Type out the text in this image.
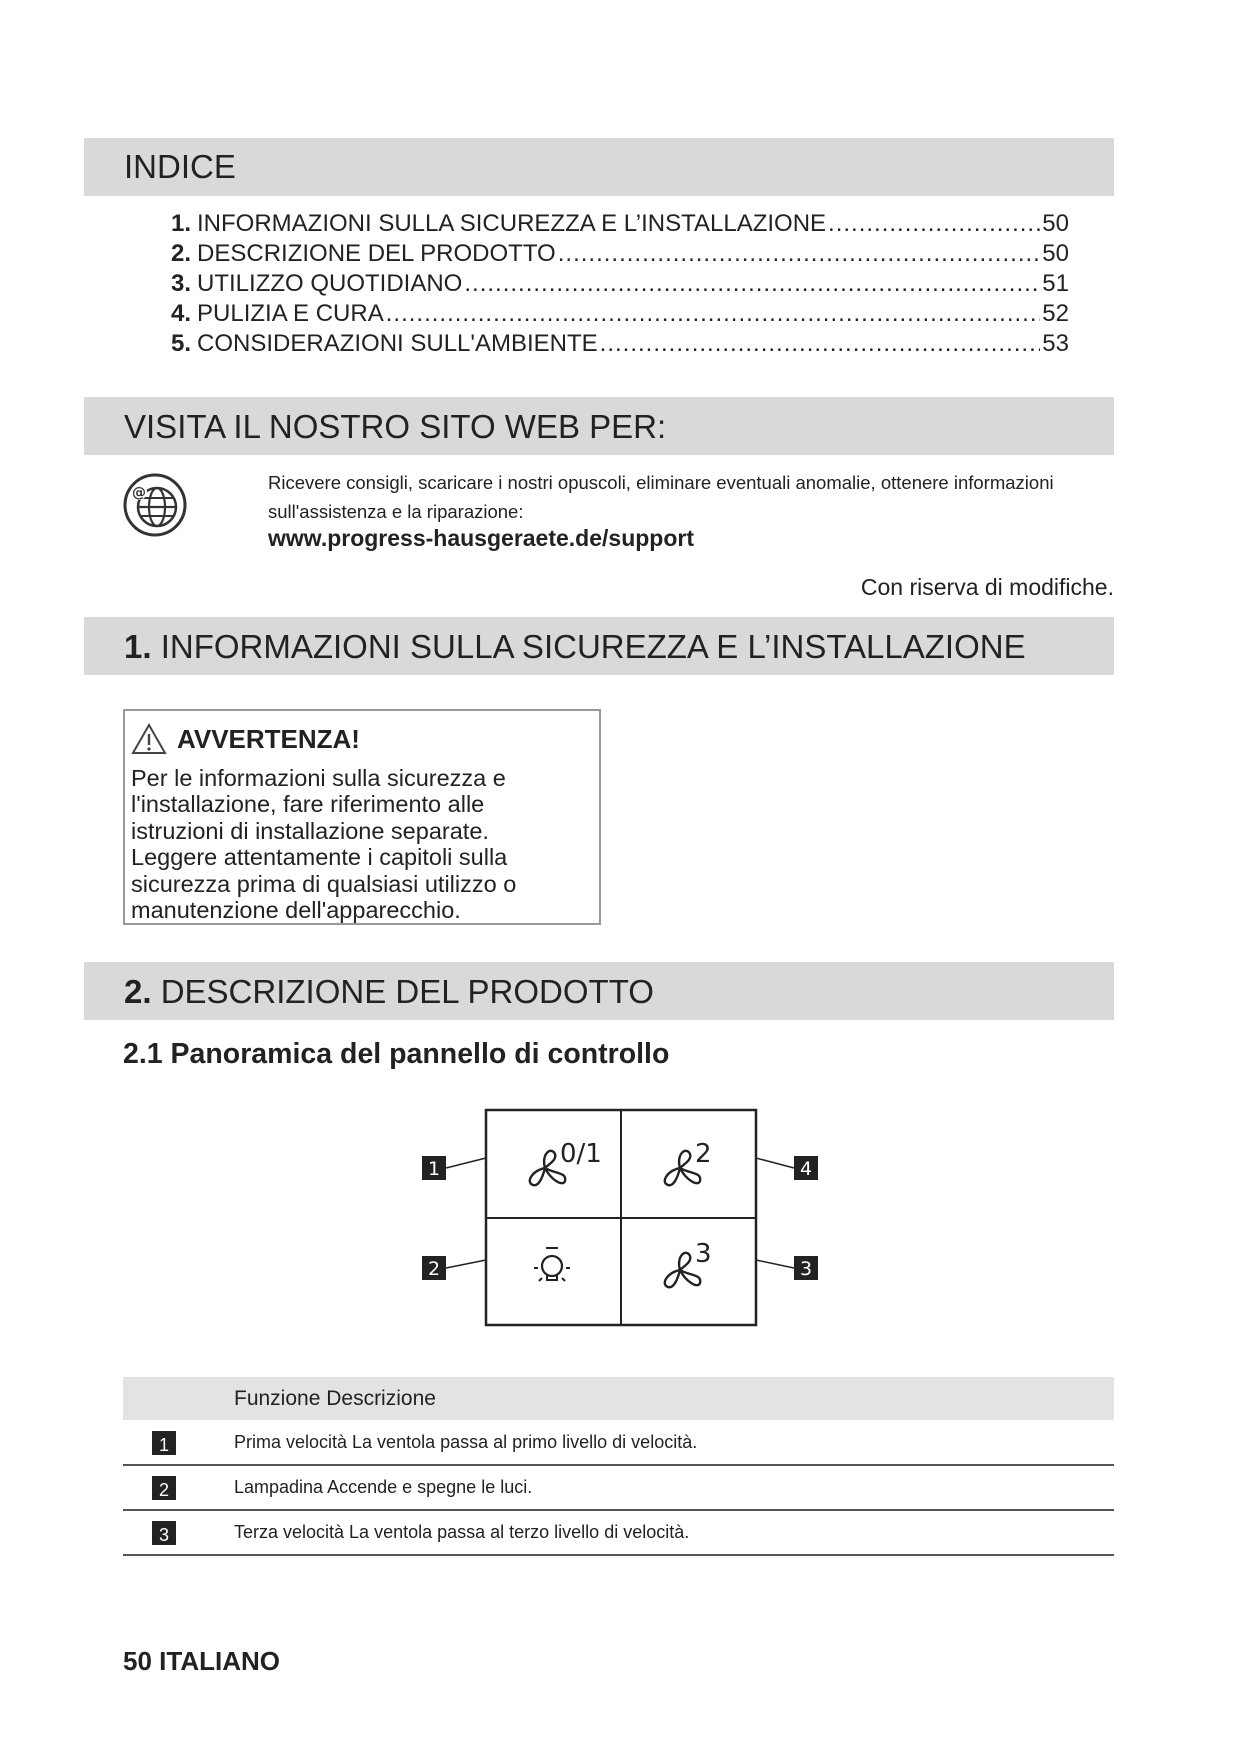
INDICE
1. INFORMAZIONI SULLA SICUREZZA E L’INSTALLAZIONE .....	50
2. DESCRIZIONE DEL PRODOTTO .....	50
3. UTILIZZO QUOTIDIANO .....	51
4. PULIZIA E CURA .....	52
5. CONSIDERAZIONI SULL'AMBIENTE .....	53
VISITA IL NOSTRO SITO WEB PER:
@	Ricevere consigli, scaricare i nostri opuscoli, eliminare eventuali anomalie, ottenere informazioni sull'assistenza e la riparazione:
www.progress-hausgeraete.de/support
Con riserva di modifiche.
1. INFORMAZIONI SULLA SICUREZZA E L’INSTALLAZIONE
AVVERTENZA!
Per le informazioni sulla sicurezza e
l'installazione, fare riferimento alle
istruzioni di installazione separate.
Leggere attentamente i capitoli sulla
sicurezza prima di qualsiasi utilizzo o
manutenzione dell'apparecchio.
2. DESCRIZIONE DEL PRODOTTO
2.1 Panoramica del pannello di controllo
0/1	2
3
1
2
4
3
Funzione Descrizione
1	Prima velocità La ventola passa al primo livello di velocità.
2	Lampadina Accende e spegne le luci.
3	Terza velocità La ventola passa al terzo livello di velocità.
50 ITALIANO
